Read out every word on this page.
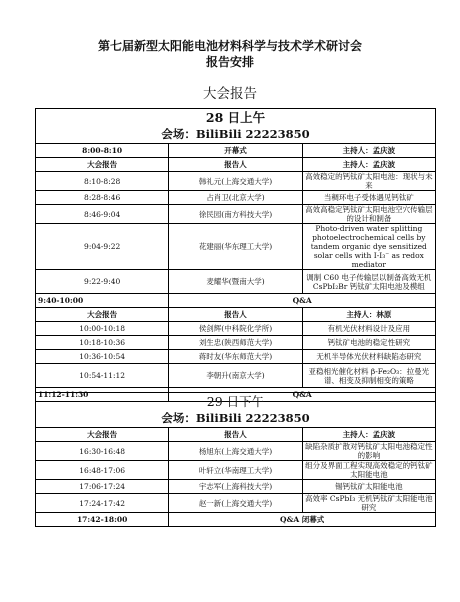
第七届新型太阳能电池材料科学与技术学术研讨会
报告安排
大会报告
28 日上午		
会场：BiliBili 22223850		
8:00-8:10	开幕式	主持人：孟庆波
大会报告	报告人	主持人：孟庆波
8:10-8:28	韩礼元(上海交通大学)	高效稳定的钙钛矿太阳电池：现状与未来
8:28-8:46	占肖卫(北京大学)	当稠环电子受体遇见钙钛矿
8:46-9:04	徐民园(南方科技大学)	高效高稳定钙钛矿太阳电池空穴传输层的设计和制备
9:04-9:22	花建丽(华东理工大学)	Photo-driven water splitting photoelectrochemical cells by tandem organic dye sensitized solar cells with I-I₃⁻ as redox mediator
9:22-9:40	麦耀华(暨南大学)	调制 C60 电子传输层以制备高效无机 CsPbI₂Br 钙钛矿太阳电池及模组
9:40-10:00	Q&A	
大会报告	报告人	主持人：林原
10:00-10:18	侯剑辉(中科院化学所)	有机光伏材料设计及应用
10:18-10:36	刘生忠(陕西师范大学)	钙钛矿电池的稳定性研究
10:36-10:54	蒋时友(华东师范大学)	无机半导体光伏材料缺陷态研究
10:54-11:12	李朝升(南京大学)	亚稳相光催化材料 β-Fe₂O₃：拉曼光谱、相变及抑制相变的策略
11:12-11:30	Q&A	
29 日下午		
会场：BiliBili 22223850		
大会报告	报告人	主持人：孟庆波
16:30-16:48	杨旭东(上海交通大学)	缺陷杂质扩散对钙钛矿太阳电池稳定性的影响
16:48-17:06	叶轩立(华南理工大学)	组分及界面工程实现高效稳定的钙钛矿太阳能电池
17:06-17:24	宇志军(上海科技大学)	锡钙钛矿太阳能电池
17:24-17:42	赵一新(上海交通大学)	高效率 CsPbI₃ 无机钙钛矿太阳能电池研究
17:42-18:00	Q&A 闭幕式	
